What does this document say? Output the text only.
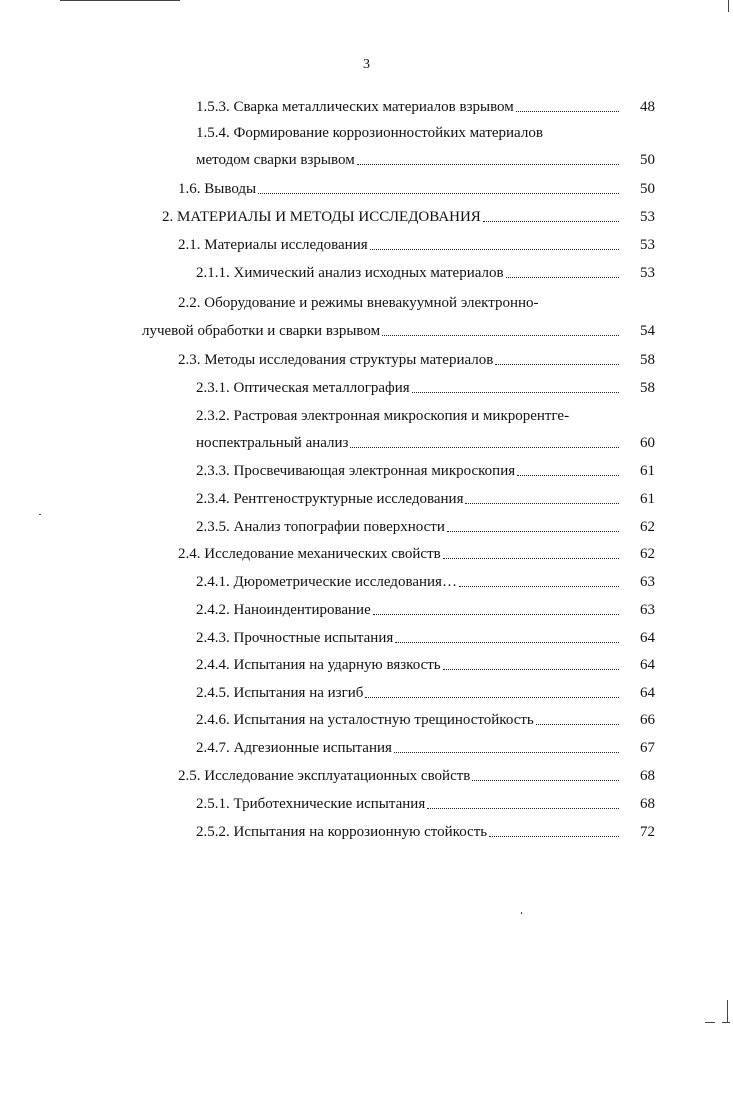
3
1.5.3. Сварка металлических материалов взрывом	48
1.5.4. Формирование коррозионностойких материалов
методом сварки взрывом	50
1.6. Выводы	50
2. МАТЕРИАЛЫ И МЕТОДЫ ИССЛЕДОВАНИЯ	53
2.1. Материалы исследования	53
2.1.1. Химический анализ исходных материалов	53
2.2. Оборудование и режимы вневакуумной электронно-
лучевой обработки и сварки взрывом	54
2.3. Методы исследования структуры материалов	58
2.3.1. Оптическая металлография	58
2.3.2. Растровая электронная микроскопия и микрорентге-
носпектральный анализ	60
2.3.3. Просвечивающая электронная микроскопия	61
2.3.4. Рентгеноструктурные исследования	61
2.3.5. Анализ топографии поверхности	62
2.4. Исследование механических свойств	62
2.4.1. Дюрометрические исследования…	63
2.4.2. Наноиндентирование	63
2.4.3. Прочностные испытания	64
2.4.4. Испытания на ударную вязкость	64
2.4.5. Испытания на изгиб	64
2.4.6. Испытания на усталостную трещиностойкость	66
2.4.7. Адгезионные испытания	67
2.5. Исследование эксплуатационных свойств	68
2.5.1. Триботехнические испытания	68
2.5.2. Испытания на коррозионную стойкость	72
